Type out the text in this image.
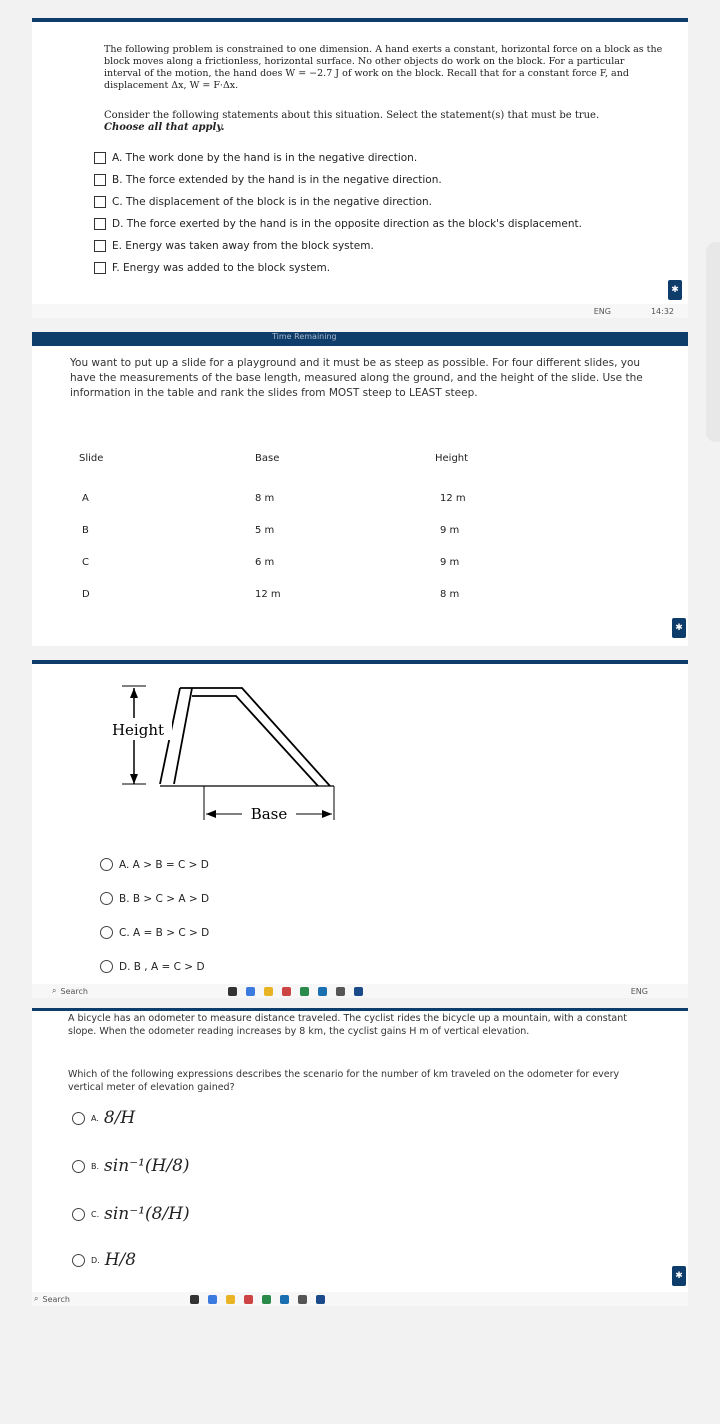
The following problem is constrained to one dimension. A hand exerts a constant, horizontal force on a block as the block moves along a frictionless, horizontal surface. No other objects do work on the block. For a particular interval of the motion, the hand does W = −2.7 J of work on the block. Recall that for a constant force F, and displacement Δx, W = F·Δx.
Consider the following statements about this situation. Select the statement(s) that must be true.
Choose all that apply.
A. The work done by the hand is in the negative direction.
B. The force extended by the hand is in the negative direction.
C. The displacement of the block is in the negative direction.
D. The force exerted by the hand is in the opposite direction as the block's displacement.
E. Energy was taken away from the block system.
F. Energy was added to the block system.
✱
ENG	14:32
Time Remaining
You want to put up a slide for a playground and it must be as steep as possible. For four different slides, you have the measurements of the base length, measured along the ground, and the height of the slide. Use the information in the table and rank the slides from MOST steep to LEAST steep.
Slide	Base	Height
A	8 m	12 m
B	5 m	9 m
C	6 m	9 m
D	12 m	8 m
✱
Base
Height
A. A > B = C > D
B. B > C > A > D
C. A = B > C > D
D. B , A = C > D
⌕ Search	ENG
A bicycle has an odometer to measure distance traveled. The cyclist rides the bicycle up a mountain, with a constant slope. When the odometer reading increases by 8 km, the cyclist gains H m of vertical elevation.
Which of the following expressions describes the scenario for the number of km traveled on the odometer for every vertical meter of elevation gained?
A. 8/H
B. sin⁻¹(H/8)
C. sin⁻¹(8/H)
D. H/8
✱
⌕ Search
